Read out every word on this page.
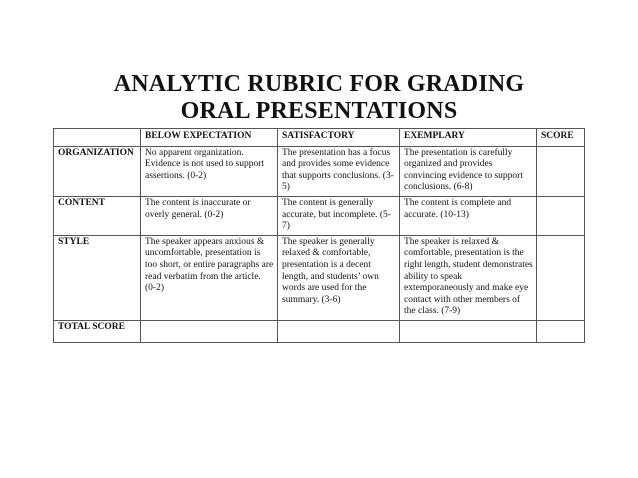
ANALYTIC RUBRIC FOR GRADING
ORAL PRESENTATIONS
	BELOW EXPECTATION	SATISFACTORY	EXEMPLARY	SCORE
ORGANIZATION	No apparent organization. Evidence is not used to support assertions. (0-2)	The presentation has a focus and provides some evidence that supports conclusions. (3-5)	The presentation is carefully organized and provides convincing evidence to support conclusions. (6-8)	
CONTENT	The content is inaccurate or overly general. (0-2)	The content is generally accurate, but incomplete. (5-7)	The content is complete and accurate. (10-13)	
STYLE	The speaker appears anxious & uncomfortable, presentation is too short, or entire paragraphs are read verbatim from the article. (0-2)	The speaker is generally relaxed & comfortable, presentation is a decent length, and students’ own words are used for the summary. (3-6)	The speaker is relaxed & comfortable, presentation is the right length, student demonstrates ability to speak extemporaneously and make eye contact with other members of the class. (7-9)	
TOTAL SCORE				
